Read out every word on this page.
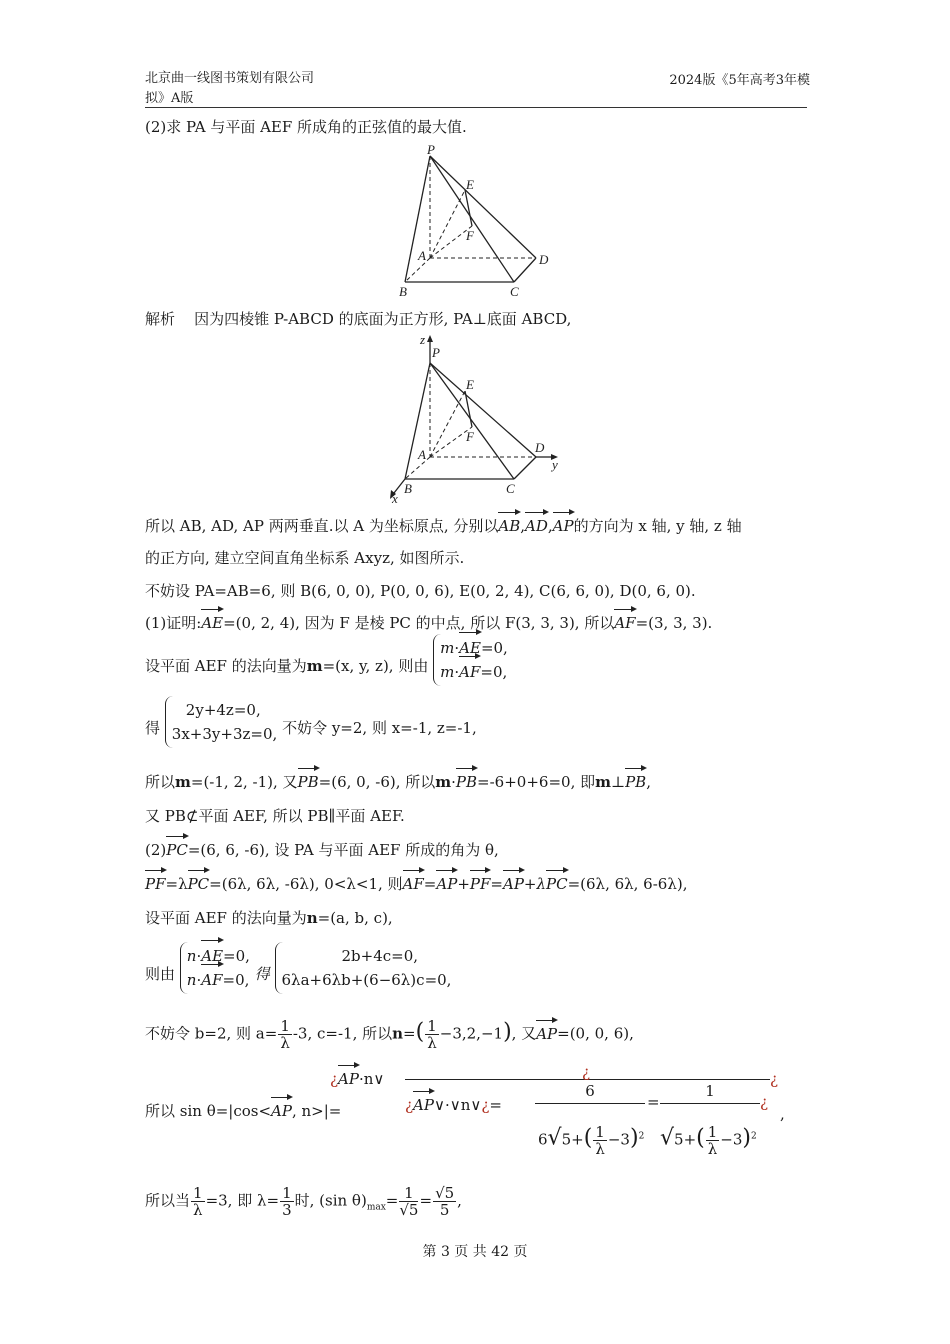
北京曲一线图书策划有限公司
拟》A版
2024版《5年高考3年模
(2)求 PA 与平面 AEF 所成角的正弦值的最大值.
P
E
F
A	D
B	C
解析 因为四棱锥 P-ABCD 的底面为正方形, PA⊥底面 ABCD,
z
P
E
F
A	D
y
x
B	C
所以 AB, AD, AP 两两垂直.以 A 为坐标原点, 分别以AB,AD,AP的方向为 x 轴, y 轴, z 轴
的正方向, 建立空间直角坐标系 Axyz, 如图所示.
不妨设 PA=AB=6, 则 B(6, 0, 0), P(0, 0, 6), E(0, 2, 4), C(6, 6, 0), D(0, 6, 0).
(1)证明:AE=(0, 2, 4), 因为 F 是棱 PC 的中点, 所以 F(3, 3, 3), 所以AF=(3, 3, 3).
设平面 AEF 的法向量为m=(x, y, z), 则由
m·AE=0,
m·AF=0,
得
2y+4z=0,
3x+3y+3z=0, 不妨令 y=2, 则 x=-1, z=-1,
所以m=(-1, 2, -1), 又PB=(6, 0, -6), 所以m·PB=-6+0+6=0, 即m⊥PB,
又 PB⊄平面 AEF, 所以 PB∥平面 AEF.
(2)PC=(6, 6, -6), 设 PA 与平面 AEF 所成的角为 θ,
PF=λPC=(6λ, 6λ, -6λ), 0<λ<1, 则AF=AP+PF=AP+λPC=(6λ, 6λ, 6-6λ),
设平面 AEF 的法向量为n=(a, b, c),
则由
n·AE=0,
n·AF=0, 得
2b+4c=0,
6λa+6λb+(6−6λ)c=0,
不妨令 b=2, 则 $a= \frac{1}{\lambda} -3$, c=-1, 所以$n=( \frac{1}{\lambda} -3,2,-1)$, 又AP=(0, 0, 6),
所以 sin θ=|cos<AP, n>|=
¿AP·n∨	¿	¿
¿AP∨·∨n∨¿=
6
$6√5+( \frac{1}{\lambda} -3)^2$
=
1
$√5+( \frac{1}{\lambda} -3)^2$
¿
,
所以当 $\frac{1}{\lambda} =3$, 即 $\lambda= \frac{1}{3}$ 时, (sin $\theta)_{max}= \frac{1}{√5} = \frac{√5}{5}$ ,
第 3 页 共 42 页
